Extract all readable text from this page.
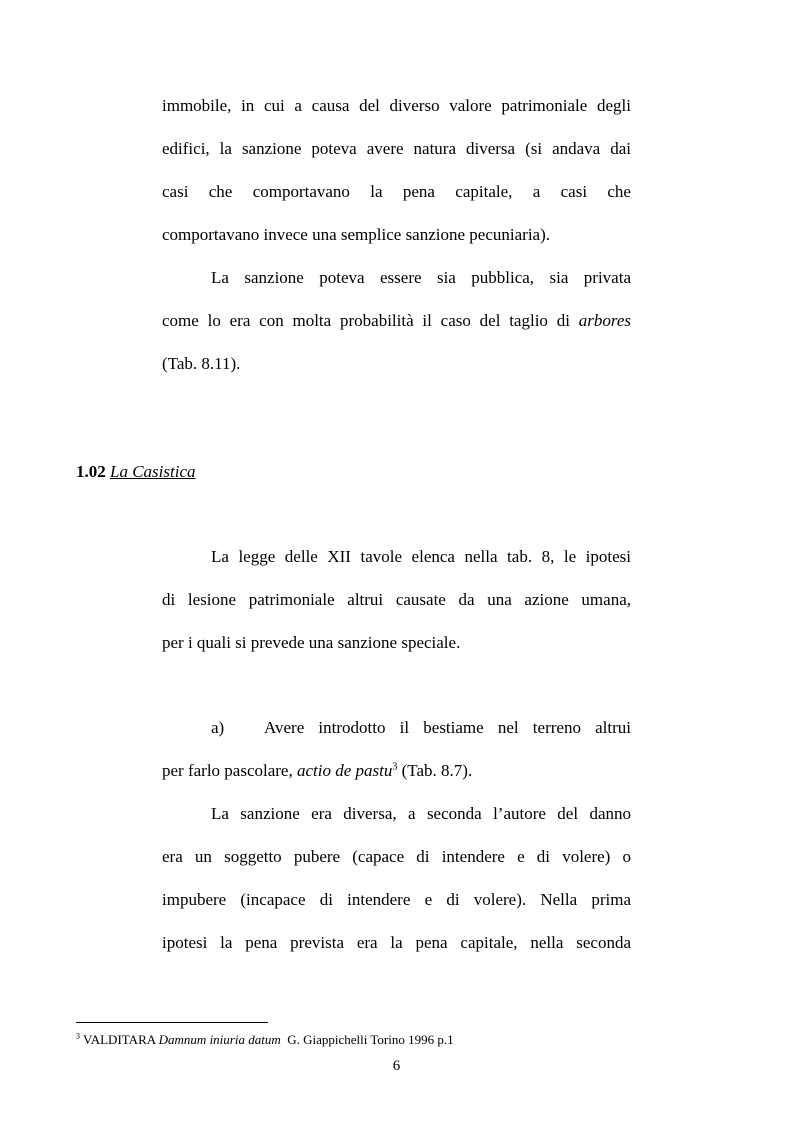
immobile, in cui a causa del diverso valore patrimoniale degli
edifici, la sanzione poteva avere natura diversa (si andava dai
casi che comportavano la pena capitale, a casi che
comportavano invece una semplice sanzione pecuniaria).
La sanzione poteva essere sia pubblica, sia privata
come lo era con molta probabilità il caso del taglio di arbores
(Tab. 8.11).
1.02 La Casistica
La legge delle XII tavole elenca nella tab. 8, le ipotesi
di lesione patrimoniale altrui causate da una azione umana,
per i quali si prevede una sanzione speciale.
a) Avere introdotto il bestiame nel terreno altrui
per farlo pascolare, actio de pastu$^3$ (Tab. 8.7).
La sanzione era diversa, a seconda l’autore del danno
era un soggetto pubere (capace di intendere e di volere) o
impubere (incapace di intendere e di volere). Nella prima
ipotesi la pena prevista era la pena capitale, nella seconda
$^3$ VALDITARA Damnum iniuria datum  G. Giappichelli Torino 1996 p.1
6
